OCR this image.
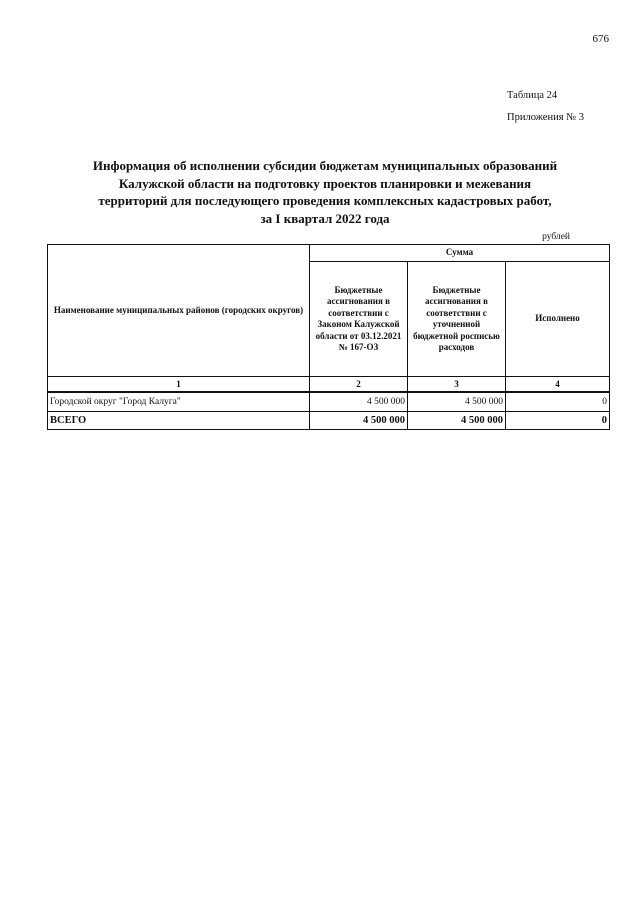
676
Таблица 24
Приложения № 3
Информация об исполнении субсидии бюджетам муниципальных образований
Калужской области на подготовку проектов планировки и межевания
территорий для последующего проведения комплексных кадастровых работ,
за I квартал 2022 года
рублей
Наименование муниципальных районов (городских округов)	Сумма		
	Бюджетные ассигнования в соответствии с Законом Калужской области от 03.12.2021 № 167-ОЗ	Бюджетные ассигнования в соответствии с уточненной бюджетной росписью расходов	Исполнено
1	2	3	4

Городской округ "Город Калуга"	4 500 000	4 500 000	0
ВСЕГО	4 500 000	4 500 000	0
